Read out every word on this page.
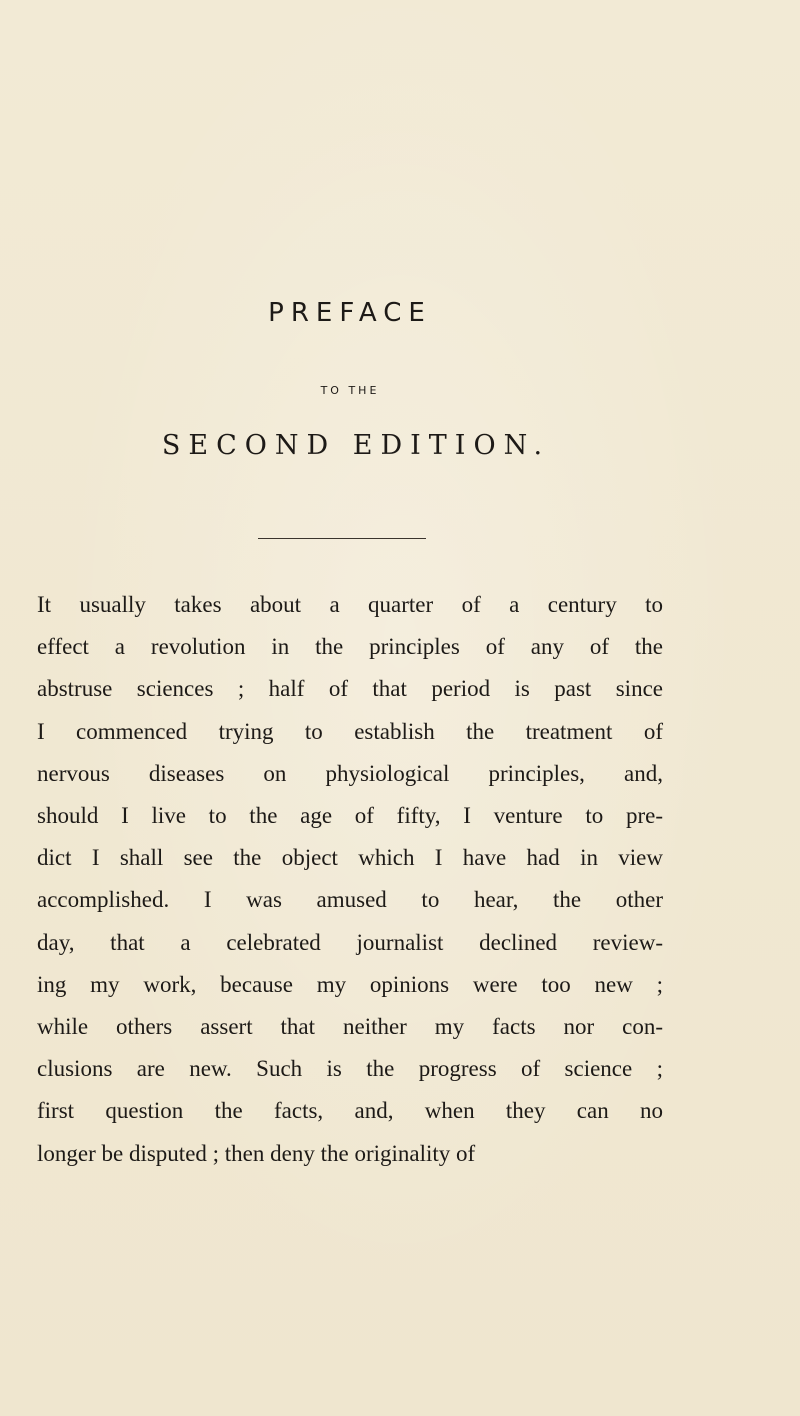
PREFACE
TO THE
SECOND EDITION.
It usually takes about a quarter of a century to
effect a revolution in the principles of any of the
abstruse sciences ; half of that period is past since
I commenced trying to establish the treatment of
nervous diseases on physiological principles, and,
should I live to the age of fifty, I venture to pre-
dict I shall see the object which I have had in view
accomplished. I was amused to hear, the other
day, that a celebrated journalist declined review-
ing my work, because my opinions were too new ;
while others assert that neither my facts nor con-
clusions are new. Such is the progress of science ;
first question the facts, and, when they can no
longer be disputed ; then deny the originality of
